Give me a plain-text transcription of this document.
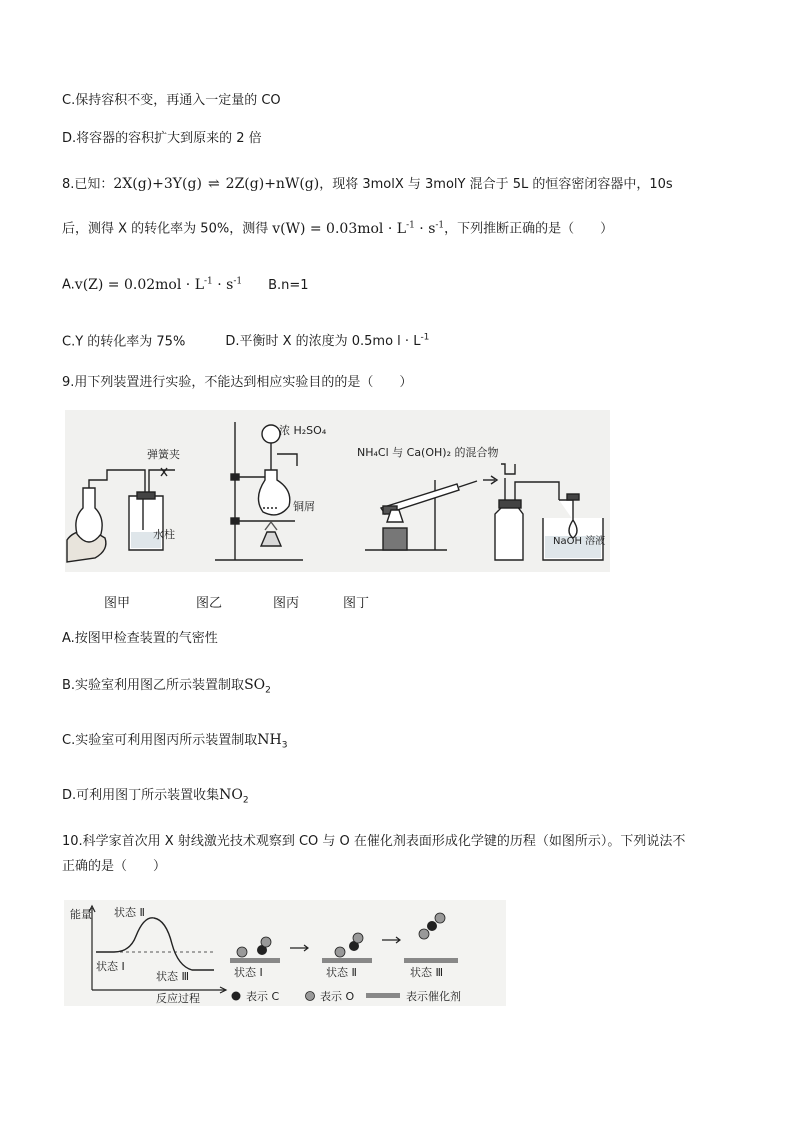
C.保持容积不变，再通入一定量的 CO
D.将容器的容积扩大到原来的 2 倍
8.已知：2X(g)+3Y(g) ⇌ 2Z(g)+nW(g)，现将 3molX 与 3molY 混合于 5L 的恒容密闭容器中，10s
后，测得 X 的转化率为 50%，测得 $v(W) = 0.03mol \cdot L^{-1} \cdot s^{-1}$，下列推断正确的是（　　）
$A.v(Z) = 0.02mol \cdot L^{-1} \cdot s^{-1}$ B.n=1
C.Y 的转化率为 75%	D.平衡时 X 的浓度为 0.5mo $l \cdot L^{-1}$
9.用下列装置进行实验，不能达到相应实验目的的是（　　）
弹簧夹
水柱
浓 H₂SO₄
铜屑
NH₄Cl 与 Ca(OH)₂ 的混合物
NaOH 溶液
图甲	图乙	图丙	图丁
A.按图甲检查装置的气密性
B.实验室利用图乙所示装置制取$SO_2$
C.实验室可利用图丙所示装置制取$NH_3$
D.可利用图丁所示装置收集$NO_2$
10.科学家首次用 X 射线激光技术观察到 CO 与 O 在催化剂表面形成化学键的历程（如图所示）。下列说法不
正确的是（　　）
能量 状态 Ⅱ
状态 Ⅰ
状态 Ⅲ
反应过程
状态 Ⅰ	状态 Ⅱ	状态 Ⅲ
表示 C	表示 O	表示催化剂
